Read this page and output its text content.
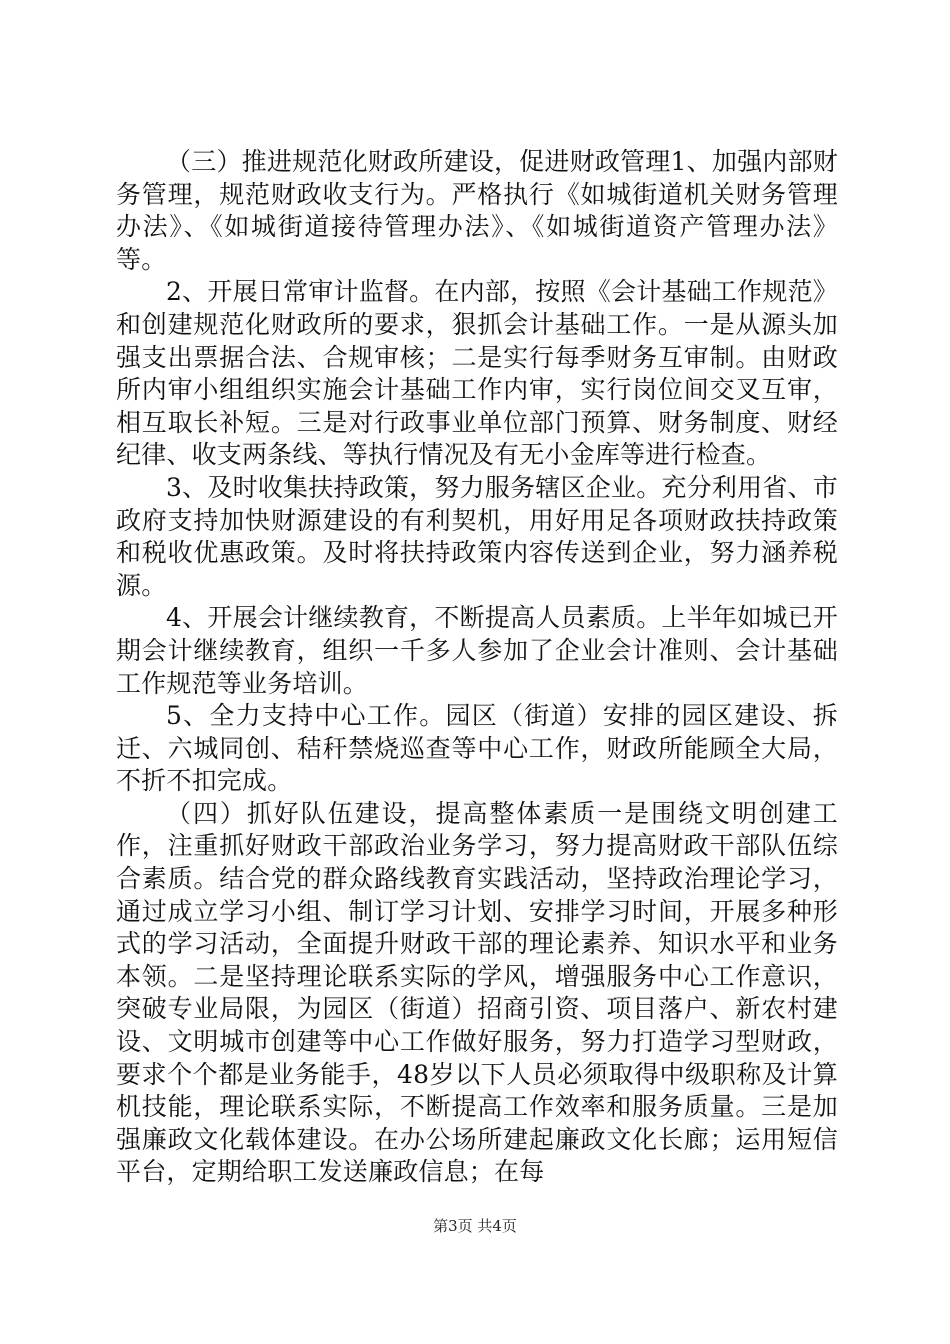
（三）推进规范化财政所建设，促进财政管理1、加强内部财务管理，规范财政收支行为。严格执行《如城街道机关财务管理办法》、《如城街道接待管理办法》、《如城街道资产管理办法》等。

2、开展日常审计监督。在内部，按照《会计基础工作规范》和创建规范化财政所的要求，狠抓会计基础工作。一是从源头加强支出票据合法、合规审核；二是实行每季财务互审制。由财政所内审小组组织实施会计基础工作内审，实行岗位间交叉互审，相互取长补短。三是对行政事业单位部门预算、财务制度、财经纪律、收支两条线、等执行情况及有无小金库等进行检查。

3、及时收集扶持政策，努力服务辖区企业。充分利用省、市政府支持加快财源建设的有利契机，用好用足各项财政扶持政策和税收优惠政策。及时将扶持政策内容传送到企业，努力涵养税源。

4、开展会计继续教育，不断提高人员素质。上半年如城已开期会计继续教育，组织一千多人参加了企业会计准则、会计基础工作规范等业务培训。

5、全力支持中心工作。园区（街道）安排的园区建设、拆迁、六城同创、秸秆禁烧巡查等中心工作，财政所能顾全大局，不折不扣完成。

（四）抓好队伍建设，提高整体素质一是围绕文明创建工作，注重抓好财政干部政治业务学习，努力提高财政干部队伍综合素质。结合党的群众路线教育实践活动，坚持政治理论学习，通过成立学习小组、制订学习计划、安排学习时间，开展多种形式的学习活动，全面提升财政干部的理论素养、知识水平和业务本领。二是坚持理论联系实际的学风，增强服务中心工作意识，突破专业局限，为园区（街道）招商引资、项目落户、新农村建设、文明城市创建等中心工作做好服务，努力打造学习型财政，要求个个都是业务能手，48岁以下人员必须取得中级职称及计算机技能，理论联系实际，不断提高工作效率和服务质量。三是加强廉政文化载体建设。在办公场所建起廉政文化长廊；运用短信平台，定期给职工发送廉政信息；在每

第3页 共4页
